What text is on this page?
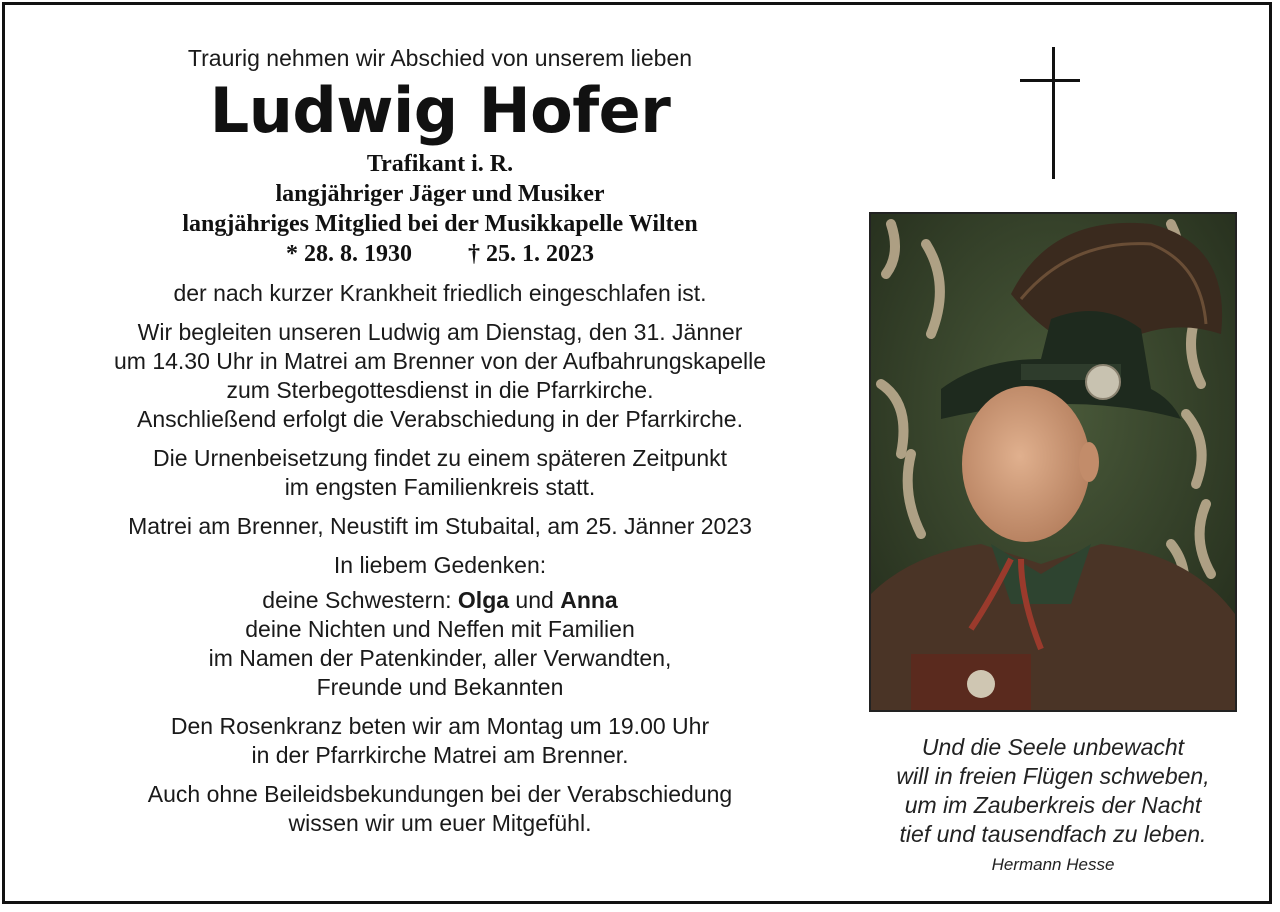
Traurig nehmen wir Abschied von unserem lieben
Ludwig Hofer
Trafikant i. R.
langjähriger Jäger und Musiker
langjähriges Mitglied bei der Musikkapelle Wilten
* 28. 8. 1930 † 25. 1. 2023
der nach kurzer Krankheit friedlich eingeschlafen ist.
Wir begleiten unseren Ludwig am Dienstag, den 31. Jänner
um 14.30 Uhr in Matrei am Brenner von der Aufbahrungskapelle
zum Sterbegottesdienst in die Pfarrkirche.
Anschließend erfolgt die Verabschiedung in der Pfarrkirche.
Die Urnenbeisetzung findet zu einem späteren Zeitpunkt
im engsten Familienkreis statt.
Matrei am Brenner, Neustift im Stubaital, am 25. Jänner 2023
In liebem Gedenken:
deine Schwestern: Olga und Anna
deine Nichten und Neffen mit Familien
im Namen der Patenkinder, aller Verwandten,
Freunde und Bekannten
Den Rosenkranz beten wir am Montag um 19.00 Uhr
in der Pfarrkirche Matrei am Brenner.
Auch ohne Beileidsbekundungen bei der Verabschiedung
wissen wir um euer Mitgefühl.
Und die Seele unbewacht
will in freien Flügen schweben,
um im Zauberkreis der Nacht
tief und tausendfach zu leben.
Hermann Hesse
